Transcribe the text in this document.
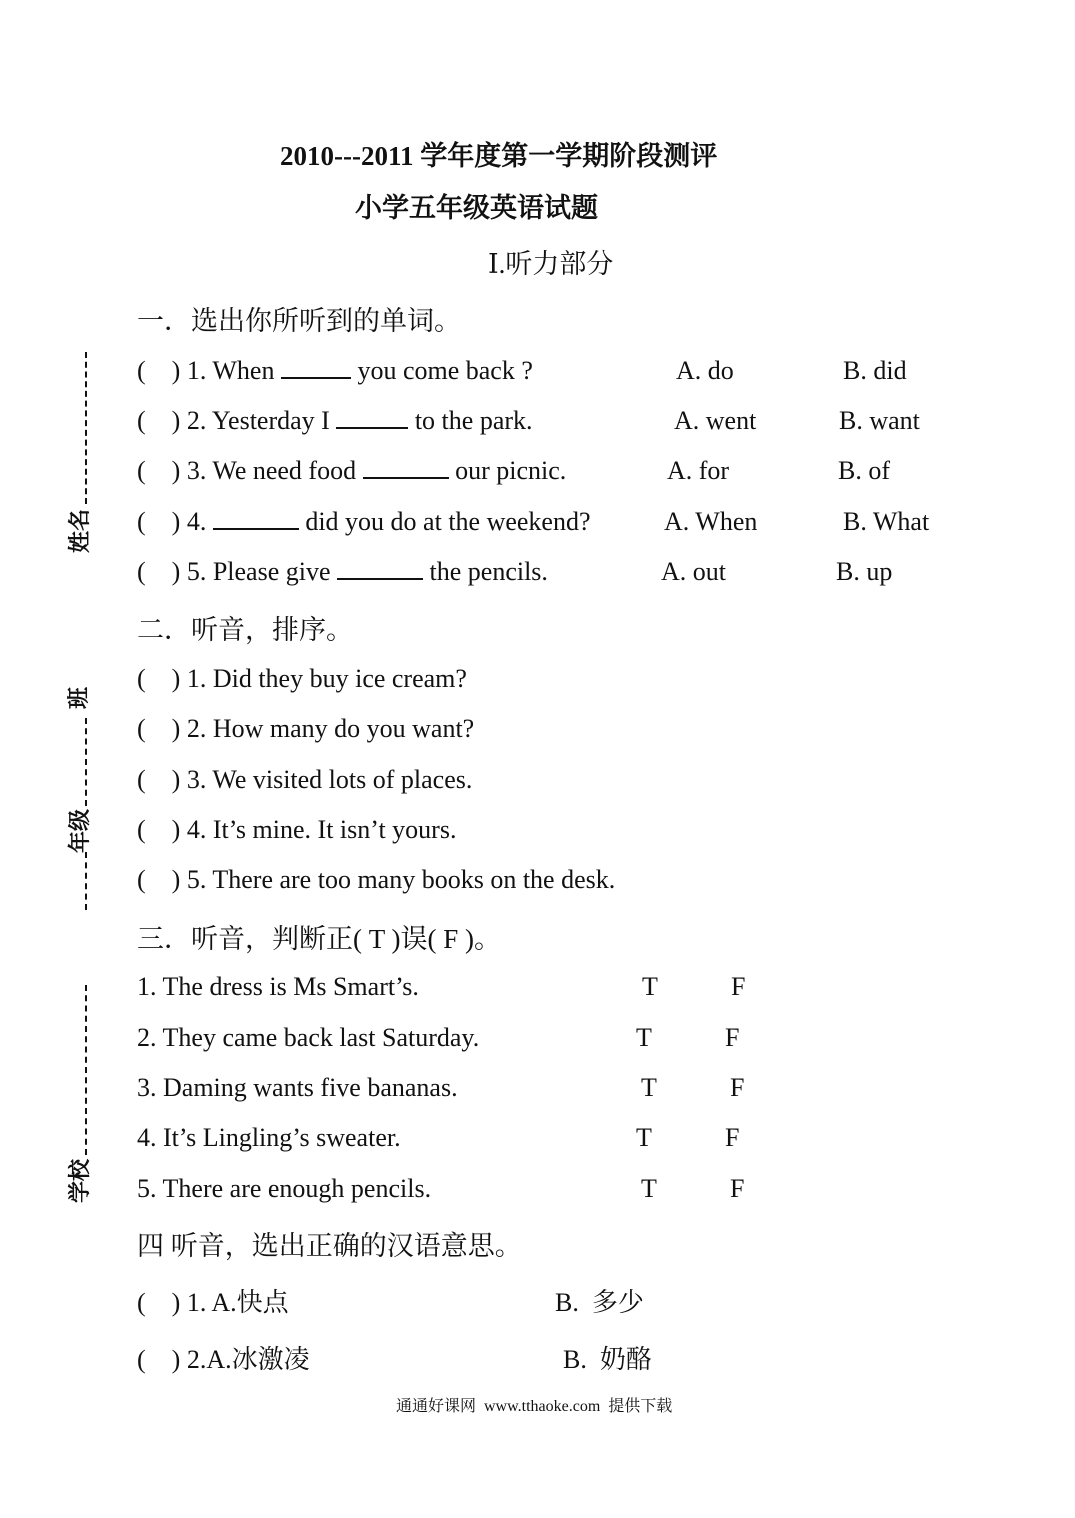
2010---2011 学年度第一学期阶段测评
小学五年级英语试题
Ⅰ.听力部分
姓名
班
年级
学校
一．选出你所听到的单词。
(    ) 1. When	you come back ?	A. do	B. did
(    ) 2. Yesterday I	to the park.	A. went	B. want
(    ) 3. We need food	our picnic.	A. for	B. of
(    ) 4.	did you do at the weekend?	A. When	B. What
(    ) 5. Please give	the pencils.	A. out	B. up
二．听音，排序。
(    ) 1. Did they buy ice cream?
(    ) 2. How many do you want?
(    ) 3. We visited lots of places.
(    ) 4. It’s mine. It isn’t yours.
(    ) 5. There are too many books on the desk.
三．听音，判断正( T )误( F )。
1. The dress is Ms Smart’s.	T	F
2. They came back last Saturday.	T	F
3. Daming wants five bananas.	T	F
4. It’s Lingling’s sweater.	T	F
5. There are enough pencils.	T	F
四 听音，选出正确的汉语意思。
(    ) 1. A.快点	B.  多少
(    ) 2.A.冰激凌	B.  奶酪
通通好课网  www.tthaoke.com  提供下载
